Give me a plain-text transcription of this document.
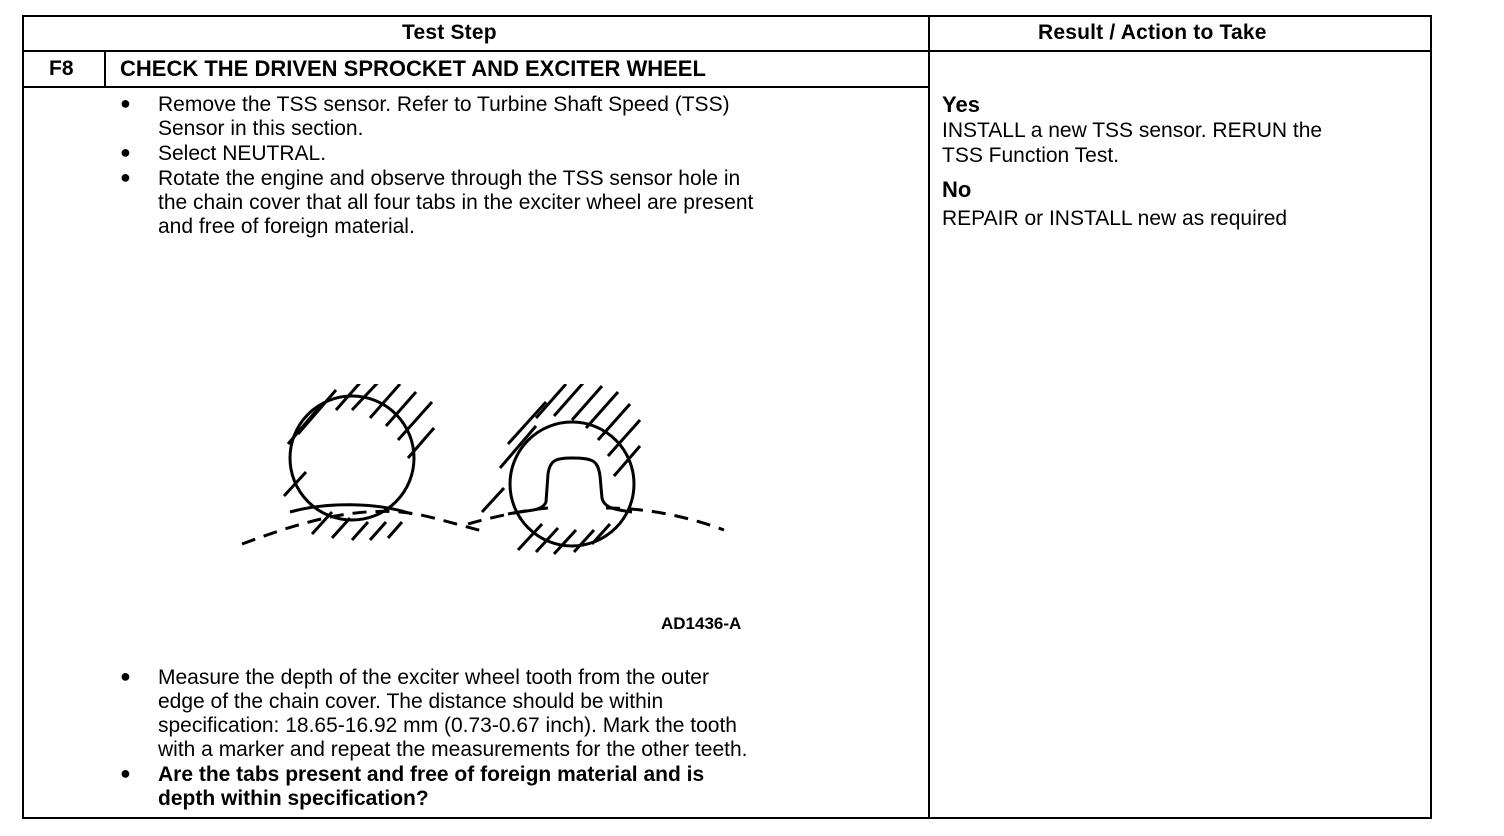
Test Step	Result / Action to Take
F8 CHECK THE DRIVEN SPROCKET AND EXCITER WHEEL
● Remove the TSS sensor. Refer to Turbine Shaft Speed (TSS)
Sensor in this section.
● Select NEUTRAL.
● Rotate the engine and observe through the TSS sensor hole in
the chain cover that all four tabs in the exciter wheel are present
and free of foreign material.
AD1436-A
● Measure the depth of the exciter wheel tooth from the outer
edge of the chain cover. The distance should be within
specification: 18.65-16.92 mm (0.73-0.67 inch). Mark the tooth
with a marker and repeat the measurements for the other teeth.
● Are the tabs present and free of foreign material and is
depth within specification?
Yes
INSTALL a new TSS sensor. RERUN the
TSS Function Test.
No
REPAIR or INSTALL new as required
